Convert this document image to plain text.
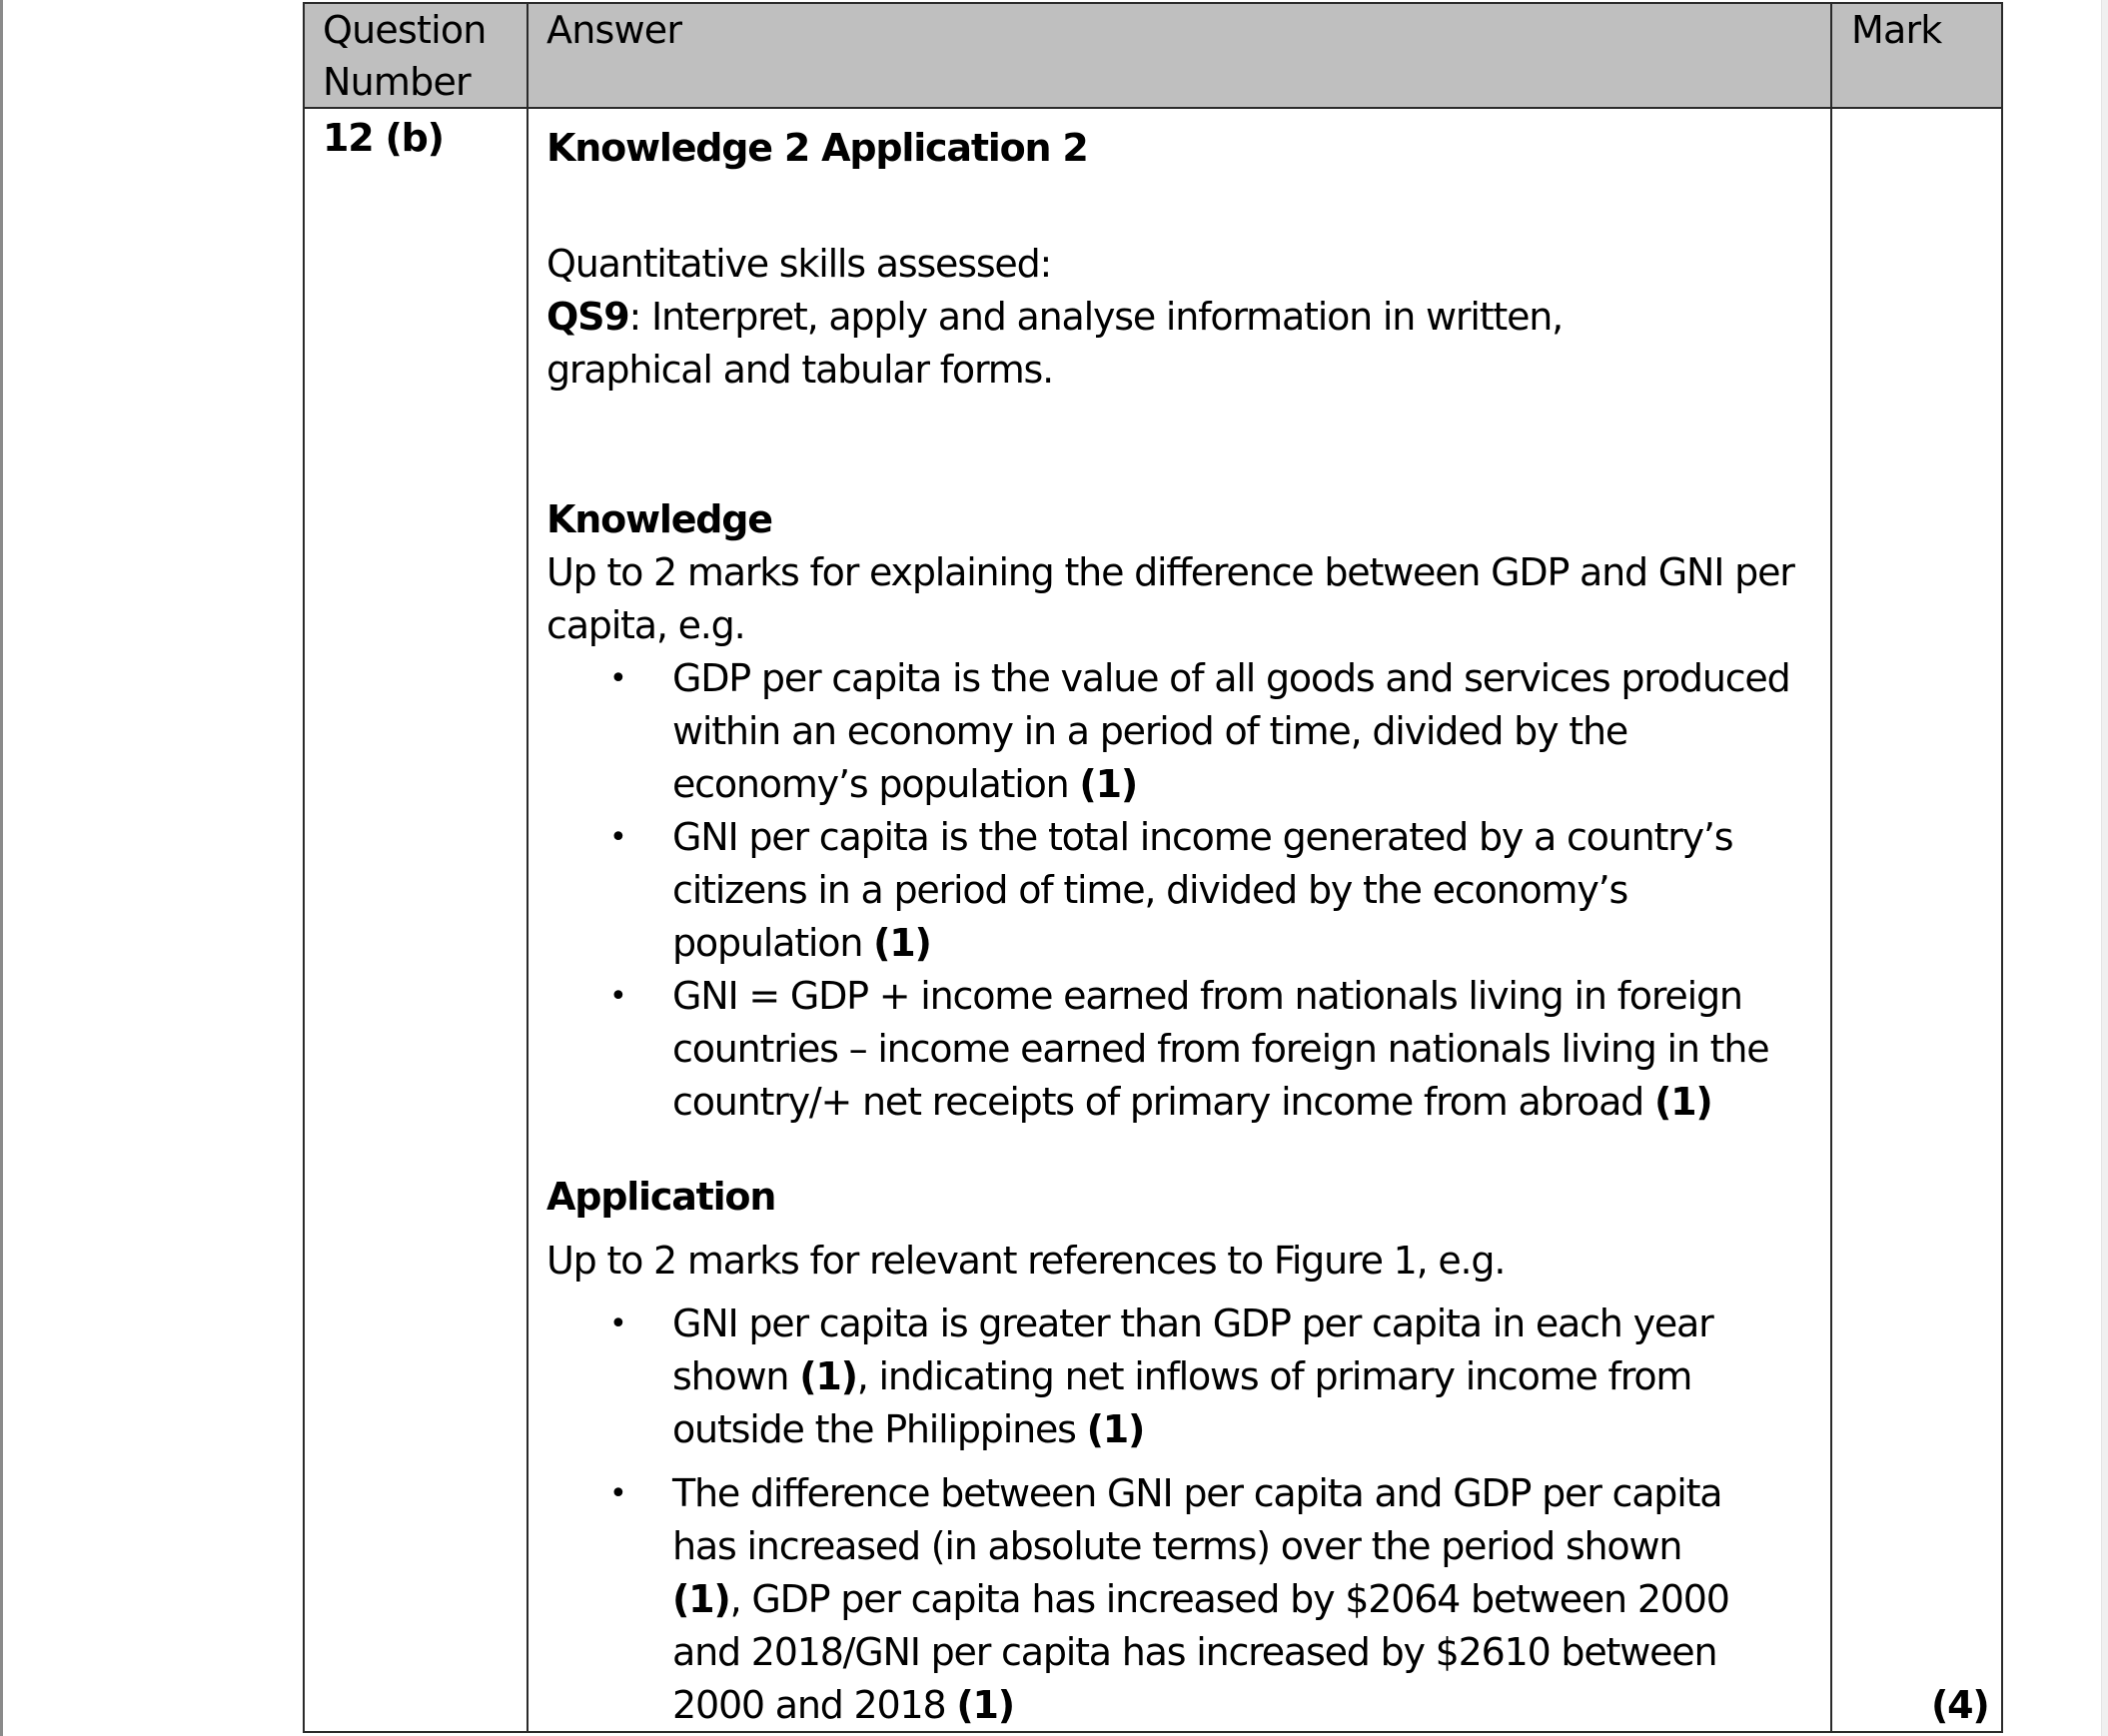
Question
Number
Answer	Mark
12 (b)	Knowledge 2 Application 2
Quantitative skills assessed:
QS9: Interpret, apply and analyse information in written,
graphical and tabular forms.
Knowledge
Up to 2 marks for explaining the difference between GDP and GNI per
capita, e.g.
• GDP per capita is the value of all goods and services produced
within an economy in a period of time, divided by the
economy’s population (1)
• GNI per capita is the total income generated by a country’s
citizens in a period of time, divided by the economy’s
population (1)
• GNI = GDP + income earned from nationals living in foreign
countries – income earned from foreign nationals living in the
country/+ net receipts of primary income from abroad (1)
Application
Up to 2 marks for relevant references to Figure 1, e.g.
• GNI per capita is greater than GDP per capita in each year
shown (1), indicating net inflows of primary income from
outside the Philippines (1)
• The difference between GNI per capita and GDP per capita
has increased (in absolute terms) over the period shown
(1), GDP per capita has increased by $2064 between 2000
and 2018/GNI per capita has increased by $2610 between
2000 and 2018 (1)	(4)
